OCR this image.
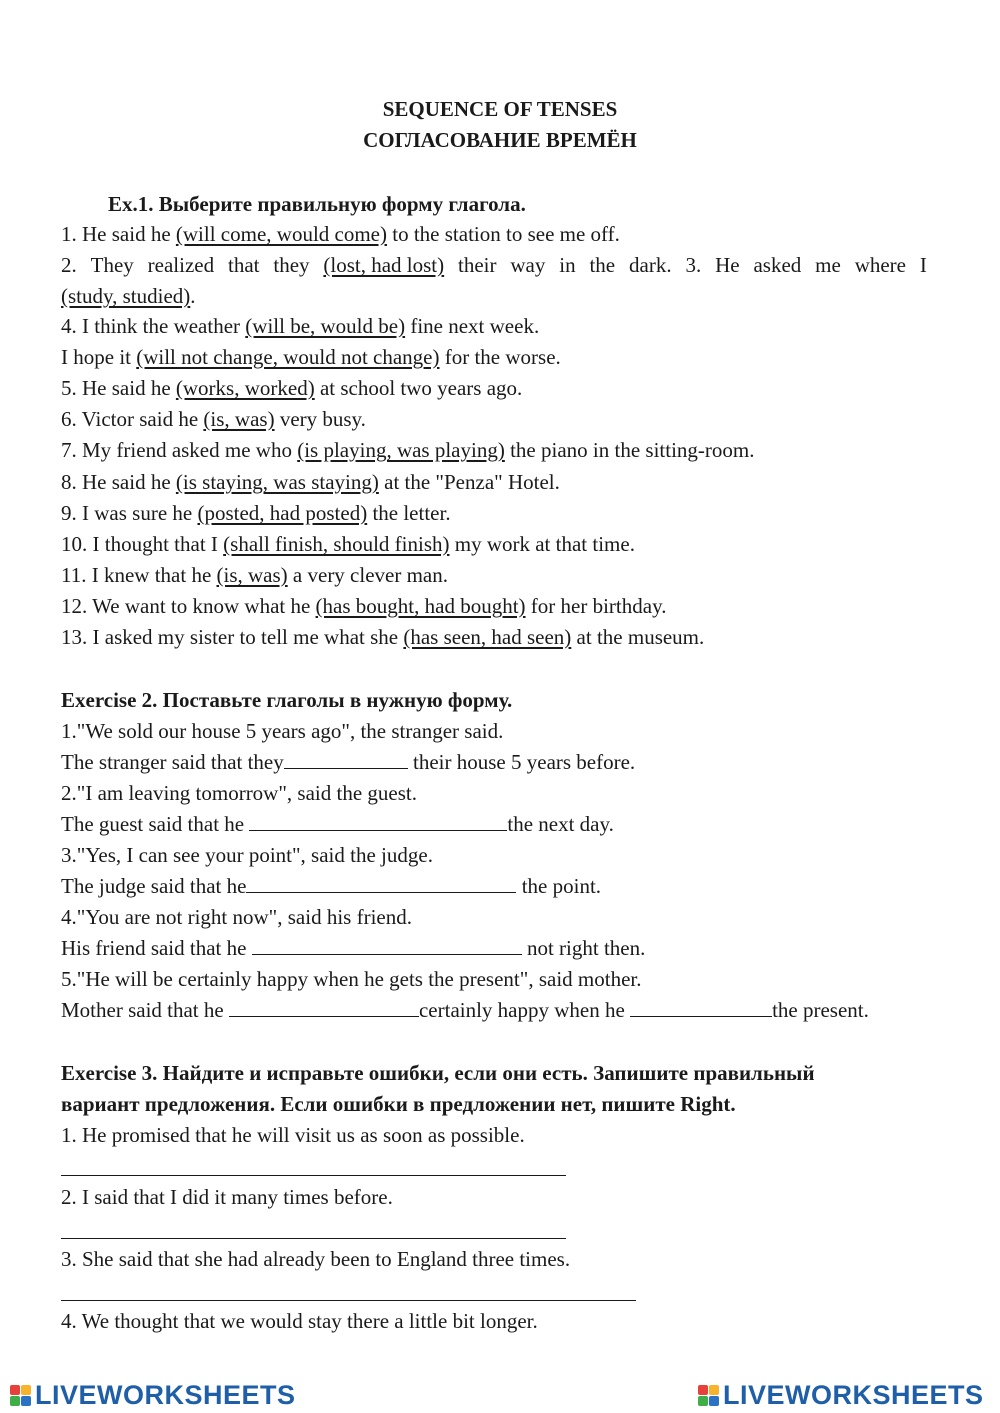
SEQUENCE OF TENSES
СОГЛАСОВАНИЕ ВРЕМЁН
Ex.1. Выберите правильную форму глагола.
1. He said he (will come, would come) to the station to see me off.
2. They realized that they (lost, had lost) their way in the dark. 3. He asked me where I
(study, studied).
4. I think the weather (will be, would be) fine next week.
I hope it (will not change, would not change) for the worse.
5. He said he (works, worked) at school two years ago.
6. Victor said he (is, was) very busy.
7. My friend asked me who (is playing, was playing) the piano in the sitting-room.
8. He said he (is staying, was staying) at the "Penza" Hotel.
9. I was sure he (posted, had posted) the letter.
10. I thought that I (shall finish, should finish) my work at that time.
11. I knew that he (is, was) a very clever man.
12. We want to know what he (has bought, had bought) for her birthday.
13. I asked my sister to tell me what she (has seen, had seen) at the museum.
Exercise 2. Поставьте глаголы в нужную форму.
1."We sold our house 5 years ago", the stranger said.
The stranger said that they	their house 5 years before.
2."I am leaving tomorrow", said the guest.
The guest said that he	the next day.
3."Yes, I can see your point", said the judge.
The judge said that he	the point.
4."You are not right now", said his friend.
His friend said that he	not right then.
5."He will be certainly happy when he gets the present", said mother.
Mother said that he	certainly happy when he	the present.
Exercise 3. Найдите и исправьте ошибки, если они есть. Запишите правильный
вариант предложения. Если ошибки в предложении нет, пишите Right.
1. He promised that he will visit us as soon as possible.
2. I said that I did it many times before.
3. She said that she had already been to England three times.
4. We thought that we would stay there a little bit longer.
LIVEWORKSHEETS	LIVEWORKSHEETS
